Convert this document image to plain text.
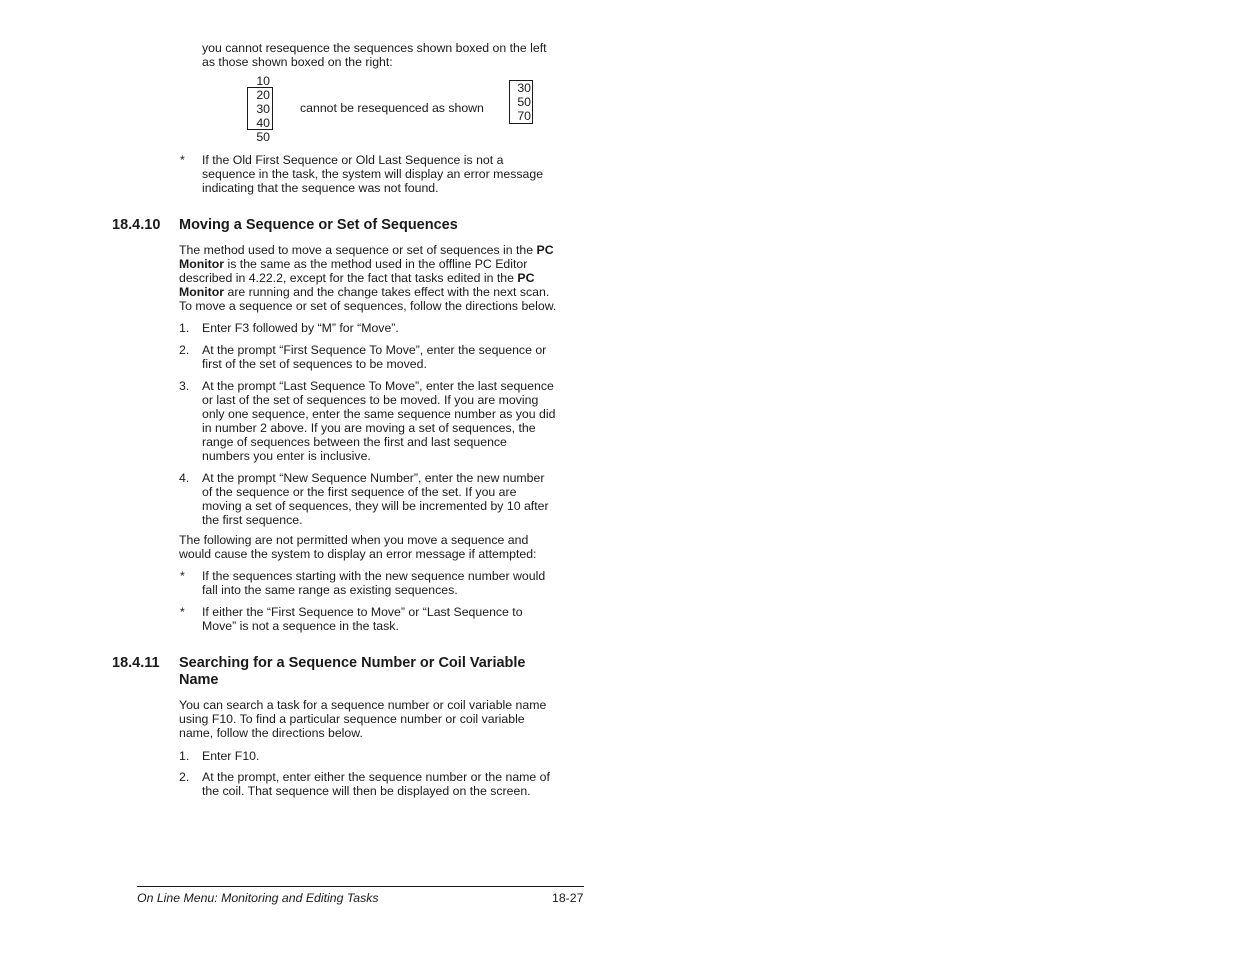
you cannot resequence the sequences shown boxed on the left
as those shown boxed on the right:
10
20
30
40
50
cannot be resequenced as shown
30
50
70
* If the Old First Sequence or Old Last Sequence is not a
sequence in the task, the system will display an error message
indicating that the sequence was not found.
18.4.10 Moving a Sequence or Set of Sequences
The method used to move a sequence or set of sequences in the PC
Monitor is the same as the method used in the offline PC Editor
described in 4.22.2, except for the fact that tasks edited in the PC
Monitor are running and the change takes effect with the next scan.
To move a sequence or set of sequences, follow the directions below.
1. Enter F3 followed by “M” for “Move”.
2. At the prompt “First Sequence To Move”, enter the sequence or
first of the set of sequences to be moved.
3. At the prompt “Last Sequence To Move”, enter the last sequence
or last of the set of sequences to be moved. If you are moving
only one sequence, enter the same sequence number as you did
in number 2 above. If you are moving a set of sequences, the
range of sequences between the first and last sequence
numbers you enter is inclusive.
4. At the prompt “New Sequence Number”, enter the new number
of the sequence or the first sequence of the set. If you are
moving a set of sequences, they will be incremented by 10 after
the first sequence.
The following are not permitted when you move a sequence and
would cause the system to display an error message if attempted:
* If the sequences starting with the new sequence number would
fall into the same range as existing sequences.
* If either the “First Sequence to Move” or “Last Sequence to
Move” is not a sequence in the task.
18.4.11 Searching for a Sequence Number or Coil Variable
Name
You can search a task for a sequence number or coil variable name
using F10. To find a particular sequence number or coil variable
name, follow the directions below.
1. Enter F10.
2. At the prompt, enter either the sequence number or the name of
the coil. That sequence will then be displayed on the screen.
On Line Menu: Monitoring and Editing Tasks	18-27
